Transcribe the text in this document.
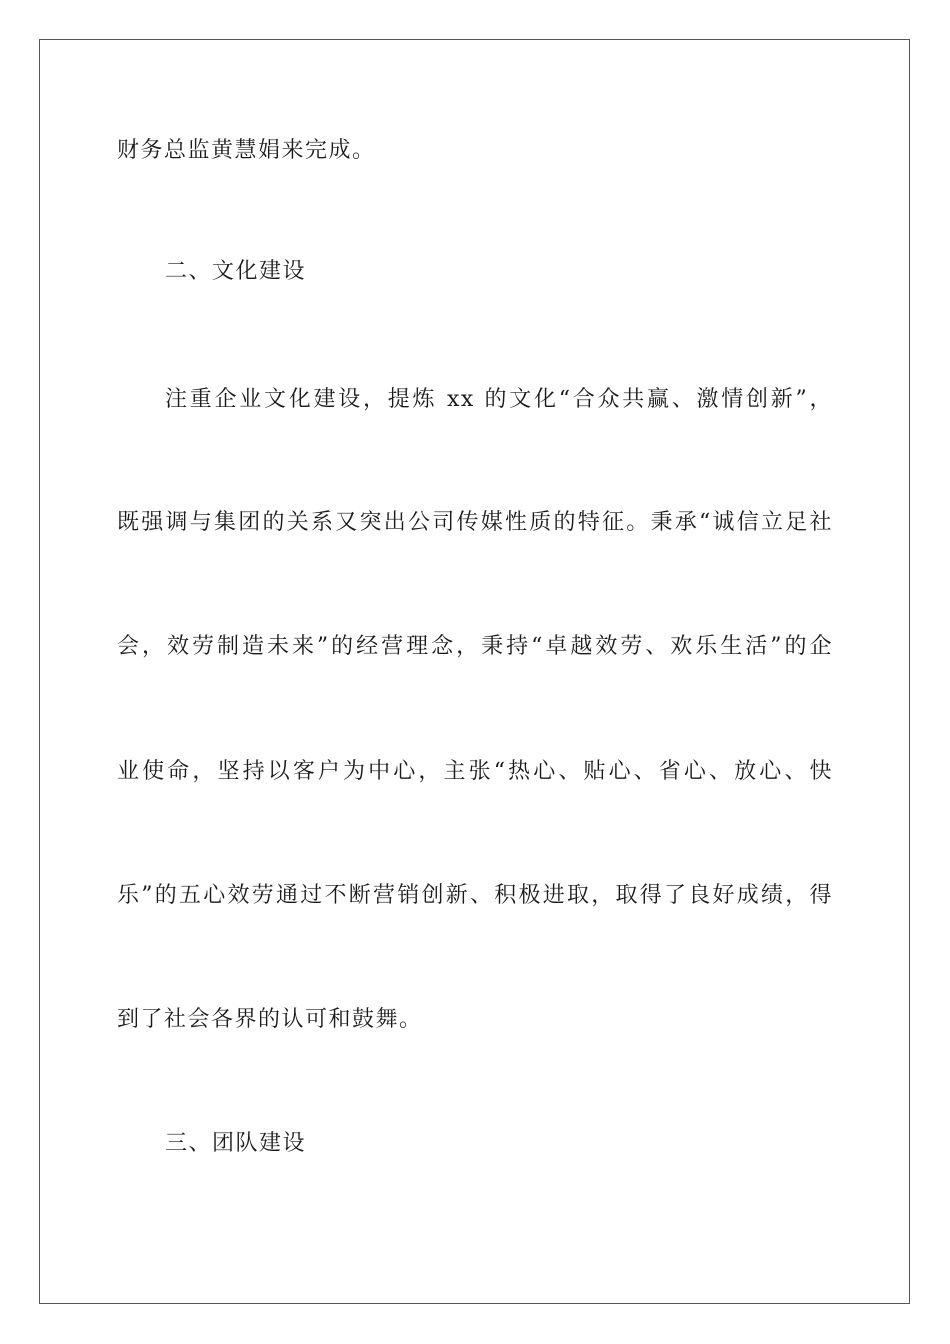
财务总监黄慧娟来完成。
二、文化建设
注重企业文化建设，提炼 xx 的文化“合众共赢、激情创新”，
既强调与集团的关系又突出公司传媒性质的特征。秉承“诚信立足社
会，效劳制造未来”的经营理念，秉持“卓越效劳、欢乐生活”的企
业使命，坚持以客户为中心，主张“热心、贴心、省心、放心、快
乐”的五心效劳通过不断营销创新、积极进取，取得了良好成绩，得
到了社会各界的认可和鼓舞。
三、团队建设
